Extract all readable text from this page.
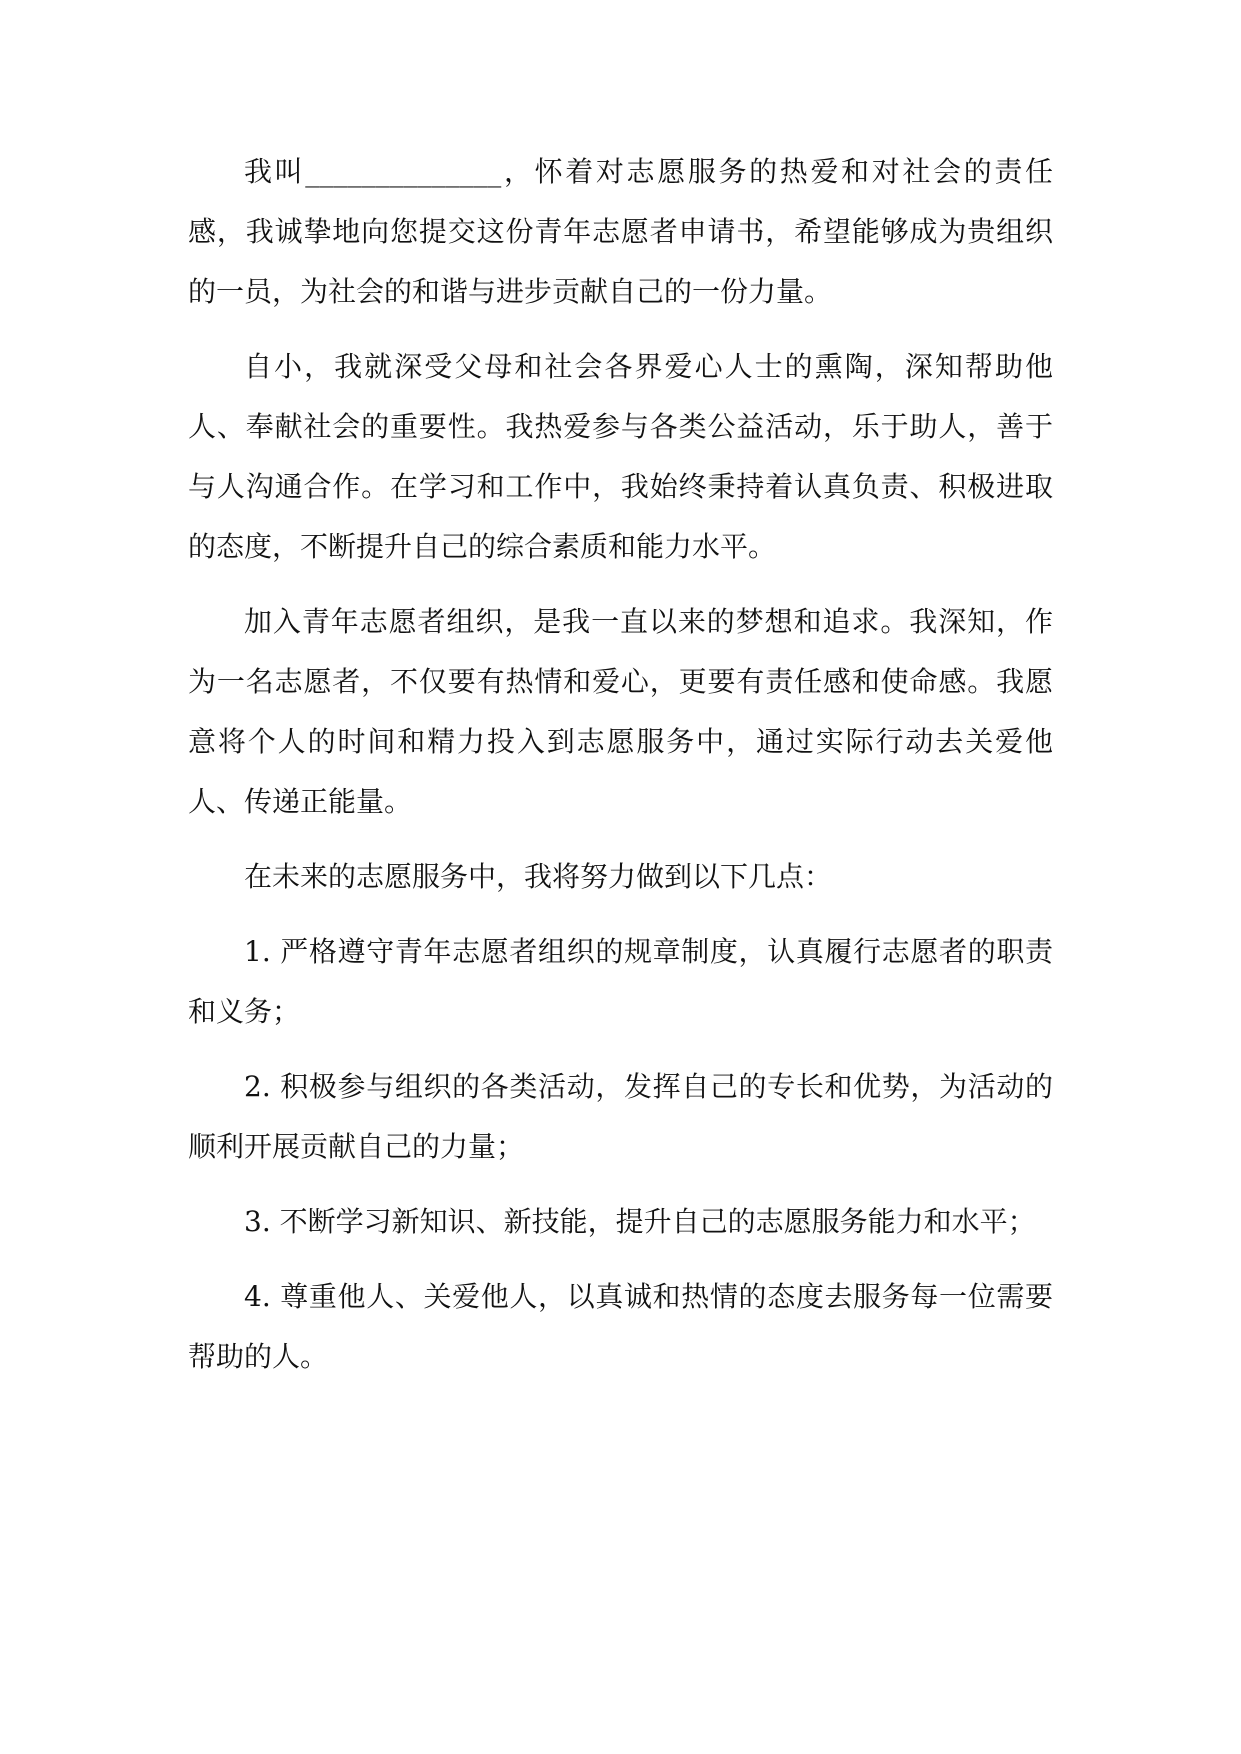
我叫______________，怀着对志愿服务的热爱和对社会的责任感，我诚挚地向您提交这份青年志愿者申请书，希望能够成为贵组织的一员，为社会的和谐与进步贡献自己的一份力量。

自小，我就深受父母和社会各界爱心人士的熏陶，深知帮助他人、奉献社会的重要性。我热爱参与各类公益活动，乐于助人，善于与人沟通合作。在学习和工作中，我始终秉持着认真负责、积极进取的态度，不断提升自己的综合素质和能力水平。

加入青年志愿者组织，是我一直以来的梦想和追求。我深知，作为一名志愿者，不仅要有热情和爱心，更要有责任感和使命感。我愿意将个人的时间和精力投入到志愿服务中，通过实际行动去关爱他人、传递正能量。

在未来的志愿服务中，我将努力做到以下几点：

1. 严格遵守青年志愿者组织的规章制度，认真履行志愿者的职责和义务；

2. 积极参与组织的各类活动，发挥自己的专长和优势，为活动的顺利开展贡献自己的力量；

3. 不断学习新知识、新技能，提升自己的志愿服务能力和水平；

4. 尊重他人、关爱他人，以真诚和热情的态度去服务每一位需要帮助的人。
